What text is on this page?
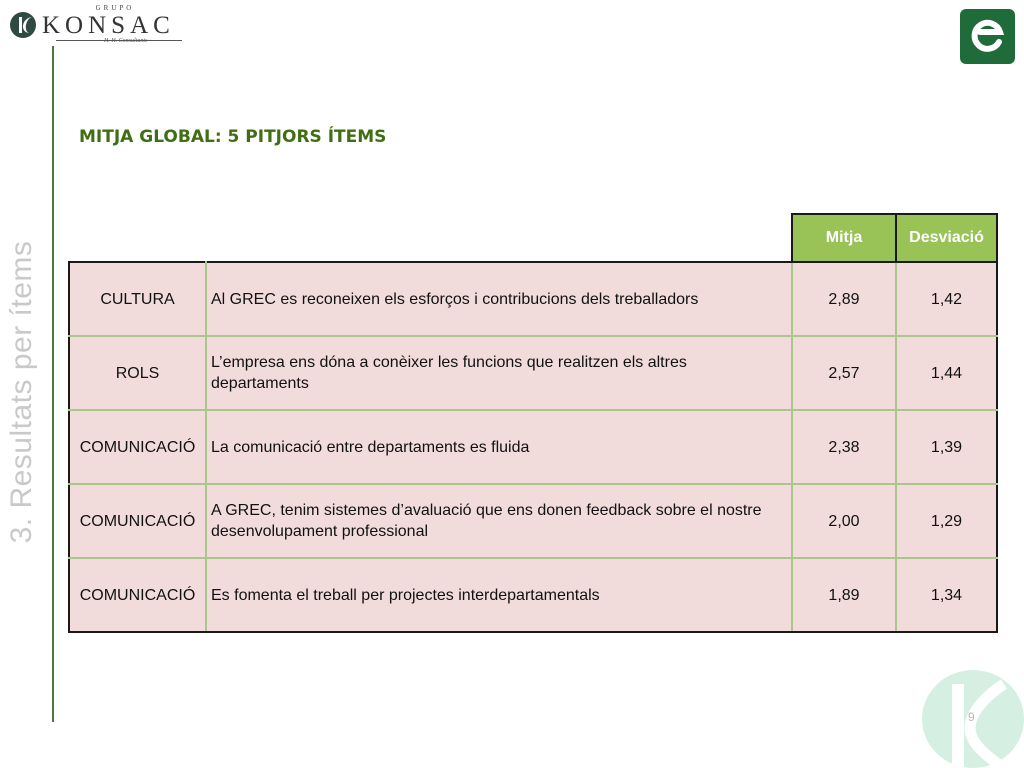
GRUPO
KONSAC
H. H. Consultants
3. Resultats per ítems
MITJA GLOBAL: 5 PITJORS ÍTEMS
		Mitja	Desviació
CULTURA	Al GREC es reconeixen els esforços i contribucions dels treballadors	2,89	1,42
ROLS	L’empresa ens dóna a conèixer les funcions que realitzen els altres departaments	2,57	1,44
COMUNICACIÓ	La comunicació entre departaments es fluida	2,38	1,39
COMUNICACIÓ	A GREC, tenim sistemes d’avaluació que ens donen feedback sobre el nostre desenvolupament professional	2,00	1,29
COMUNICACIÓ	Es fomenta el treball per projectes interdepartamentals	1,89	1,34
9
